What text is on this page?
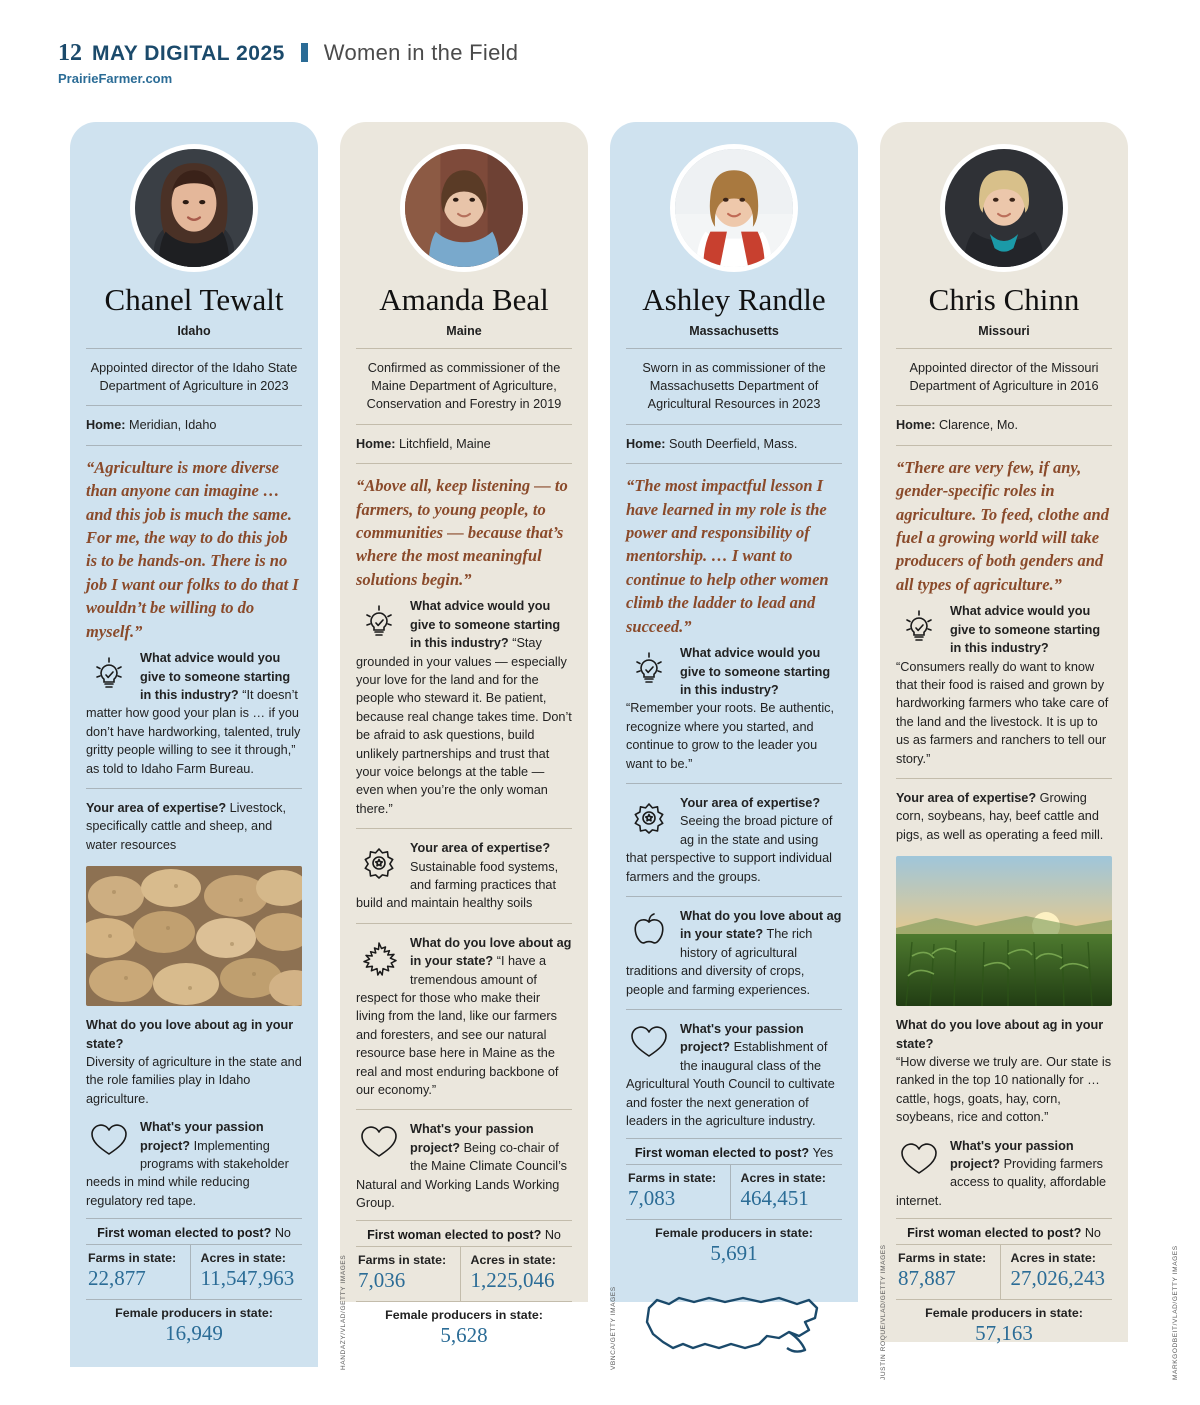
12 MAY DIGITAL 2025 Women in the Field
PrairieFarmer.com
Chanel Tewalt
Idaho
Appointed director of the Idaho State Department of Agriculture in 2023
Home: Meridian, Idaho
“Agriculture is more diverse than anyone can imagine … and this job is much the same. For me, the way to do this job is to be hands-on. There is no job I want our folks to do that I wouldn’t be willing to do myself.”
What advice would you give to someone starting in this industry? “It doesn’t matter how good your plan is … if you don’t have hardworking, talented, truly gritty people willing to see it through,” as told to Idaho Farm Bureau.
Your area of expertise? Livestock, specifically cattle and sheep, and water resources
What do you love about ag in your state?
Diversity of agriculture in the state and the role families play in Idaho agriculture.
What's your passion project? Implementing programs with stakeholder needs in mind while reducing regulatory red tape.
First woman elected to post? No
Farms in state:
22,877
Acres in state:
11,547,963
Female producers in state:
16,949
Amanda Beal
Maine
Confirmed as commissioner of the Maine Department of Agriculture, Conservation and Forestry in 2019
Home: Litchfield, Maine
“Above all, keep listening — to farmers, to young people, to communities — because that’s where the most meaningful solutions begin.”
What advice would you give to someone starting in this industry? “Stay grounded in your values — especially your love for the land and for the people who steward it. Be patient, because real change takes time. Don’t be afraid to ask questions, build unlikely partnerships and trust that your voice belongs at the table — even when you’re the only woman there.”
Your area of expertise? Sustainable food systems, and farming practices that build and maintain healthy soils
What do you love about ag in your state? “I have a tremendous amount of respect for those who make their living from the land, like our farmers and foresters, and see our natural resource base here in Maine as the real and most enduring backbone of our economy.”
What's your passion project? Being co-chair of the Maine Climate Council’s Natural and Working Lands Working Group.
First woman elected to post? No
Farms in state:
7,036
Acres in state:
1,225,046
Female producers in state:
5,628
Ashley Randle
Massachusetts
Sworn in as commissioner of the Massachusetts Department of Agricultural Resources in 2023
Home: South Deerfield, Mass.
“The most impactful lesson I have learned in my role is the power and responsibility of mentorship. … I want to continue to help other women climb the ladder to lead and succeed.”
What advice would you give to someone starting in this industry? “Remember your roots. Be authentic, recognize where you started, and continue to grow to the leader you want to be.”
Your area of expertise? Seeing the broad picture of ag in the state and using that perspective to support individual farmers and the groups.
What do you love about ag in your state? The rich history of agricultural traditions and diversity of crops, people and farming experiences.
What's your passion project? Establishment of the inaugural class of the Agricultural Youth Council to cultivate and foster the next generation of leaders in the agriculture industry.
First woman elected to post? Yes
Farms in state:
7,083
Acres in state:
464,451
Female producers in state:
5,691
Chris Chinn
Missouri
Appointed director of the Missouri Department of Agriculture in 2016
Home: Clarence, Mo.
“There are very few, if any, gender-specific roles in agriculture. To feed, clothe and fuel a growing world will take producers of both genders and all types of agriculture.”
What advice would you give to someone starting in this industry? “Consumers really do want to know that their food is raised and grown by hardworking farmers who take care of the land and the livestock. It is up to us as farmers and ranchers to tell our story.”
Your area of expertise? Growing corn, soybeans, hay, beef cattle and pigs, as well as operating a feed mill.
What do you love about ag in your state?
“How diverse we truly are. Our state is ranked in the top 10 nationally for … cattle, hogs, goats, hay, corn, soybeans, rice and cotton.”
What's your passion project? Providing farmers access to quality, affordable internet.
First woman elected to post? No
Farms in state:
87,887
Acres in state:
27,026,243
Female producers in state:
57,163
HANDAZY/VLAD/GETTY IMAGES	VBNCA/GETTY IMAGES	JUSTIN ROQUE/VLAD/GETTY IMAGES	MARKGODBEIT/VLAD/GETTY IMAGES
